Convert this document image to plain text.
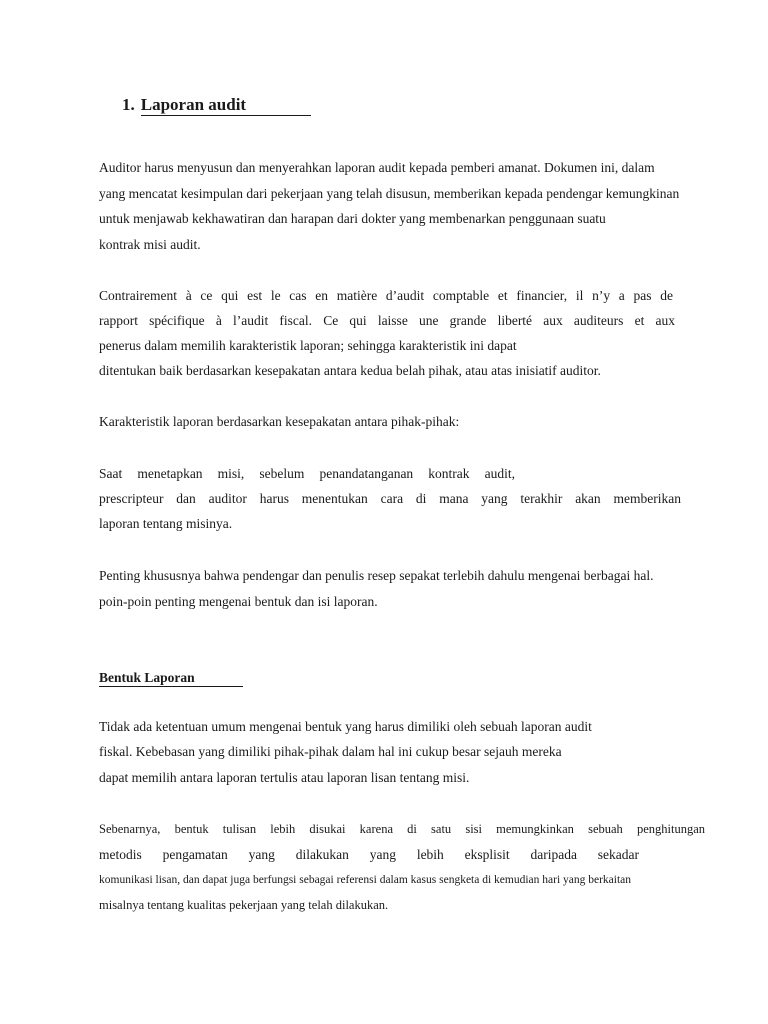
1. Laporan audit
Auditor harus menyusun dan menyerahkan laporan audit kepada pemberi amanat. Dokumen ini, dalam
yang mencatat kesimpulan dari pekerjaan yang telah disusun, memberikan kepada pendengar kemungkinan
untuk menjawab kekhawatiran dan harapan dari dokter yang membenarkan penggunaan suatu
kontrak misi audit.
Contrairement à ce qui est le cas en matière d’audit comptable et financier, il n’y a pas de
rapport spécifique à l’audit fiscal. Ce qui laisse une grande liberté aux auditeurs et aux
penerus dalam memilih karakteristik laporan; sehingga karakteristik ini dapat
ditentukan baik berdasarkan kesepakatan antara kedua belah pihak, atau atas inisiatif auditor.
Karakteristik laporan berdasarkan kesepakatan antara pihak-pihak:
Saat menetapkan misi, sebelum penandatanganan kontrak audit,
prescripteur dan auditor harus menentukan cara di mana yang terakhir akan memberikan
laporan tentang misinya.
Penting khususnya bahwa pendengar dan penulis resep sepakat terlebih dahulu mengenai berbagai hal.
poin-poin penting mengenai bentuk dan isi laporan.
Bentuk Laporan
Tidak ada ketentuan umum mengenai bentuk yang harus dimiliki oleh sebuah laporan audit
fiskal. Kebebasan yang dimiliki pihak-pihak dalam hal ini cukup besar sejauh mereka
dapat memilih antara laporan tertulis atau laporan lisan tentang misi.
Sebenarnya, bentuk tulisan lebih disukai karena di satu sisi memungkinkan sebuah penghitungan
metodis pengamatan yang dilakukan yang lebih eksplisit daripada sekadar
komunikasi lisan, dan dapat juga berfungsi sebagai referensi dalam kasus sengketa di kemudian hari yang berkaitan
misalnya tentang kualitas pekerjaan yang telah dilakukan.
